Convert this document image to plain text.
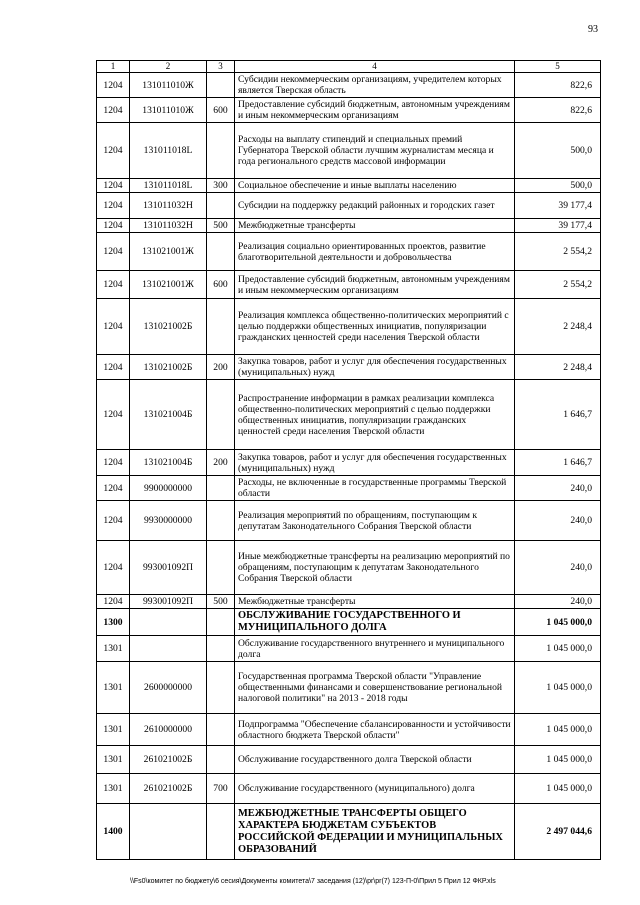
93
1	2	3	4	5
1204	131011010Ж		Субсидии некоммерческим организациям, учредителем которых является Тверская область	822,6
1204	131011010Ж	600	Предоставление субсидий бюджетным, автономным учреждениям и иным некоммерческим организациям	822,6
1204	131011018L		Расходы на выплату стипендий и специальных премий Губернатора Тверской области лучшим журналистам месяца и года регионального средств массовой информации	500,0
1204	131011018L	300	Социальное обеспечение и иные выплаты населению	500,0
1204	131011032Н		Субсидии на поддержку редакций районных и городских газет	39 177,4
1204	131011032Н	500	Межбюджетные трансферты	39 177,4
1204	131021001Ж		Реализация социально ориентированных проектов, развитие благотворительной деятельности и добровольчества	2 554,2
1204	131021001Ж	600	Предоставление субсидий бюджетным, автономным учреждениям и иным некоммерческим организациям	2 554,2
1204	131021002Б		Реализация комплекса общественно-политических мероприятий с целью поддержки общественных инициатив, популяризации гражданских ценностей среди населения Тверской области	2 248,4
1204	131021002Б	200	Закупка товаров, работ и услуг для обеспечения государственных (муниципальных) нужд	2 248,4
1204	131021004Б		Распространение информации в рамках реализации комплекса общественно-политических мероприятий с целью поддержки общественных инициатив, популяризации гражданских ценностей среди населения Тверской области	1 646,7
1204	131021004Б	200	Закупка товаров, работ и услуг для обеспечения государственных (муниципальных) нужд	1 646,7
1204	9900000000		Расходы, не включенные в государственные программы Тверской области	240,0
1204	9930000000		Реализация мероприятий по обращениям, поступающим к депутатам Законодательного Собрания Тверской области	240,0
1204	993001092П		Иные межбюджетные трансферты на реализацию мероприятий по обращениям, поступающим к депутатам Законодательного Собрания Тверской области	240,0
1204	993001092П	500	Межбюджетные трансферты	240,0
1300			ОБСЛУЖИВАНИЕ ГОСУДАРСТВЕННОГО И МУНИЦИПАЛЬНОГО ДОЛГА	1 045 000,0
1301			Обслуживание государственного внутреннего и муниципального долга	1 045 000,0
1301	2600000000		Государственная программа Тверской области "Управление общественными финансами и совершенствование региональной налоговой политики" на 2013 - 2018 годы	1 045 000,0
1301	2610000000		Подпрограмма "Обеспечение сбалансированности и устойчивости областного бюджета Тверской области"	1 045 000,0
1301	261021002Б		Обслуживание государственного долга Тверской области	1 045 000,0
1301	261021002Б	700	Обслуживание государственного (муниципального) долга	1 045 000,0
1400			МЕЖБЮДЖЕТНЫЕ ТРАНСФЕРТЫ ОБЩЕГО ХАРАКТЕРА БЮДЖЕТАМ СУБЪЕКТОВ РОССИЙСКОЙ ФЕДЕРАЦИИ И МУНИЦИПАЛЬНЫХ ОБРАЗОВАНИЙ	2 497 044,6
\\Fs0\комитет по бюджету\6 сесия\Документы комитета\7 заседания (12)\pr\pr(7) 123-П-0\Прил 5 Прил 12 ФКР.xls
